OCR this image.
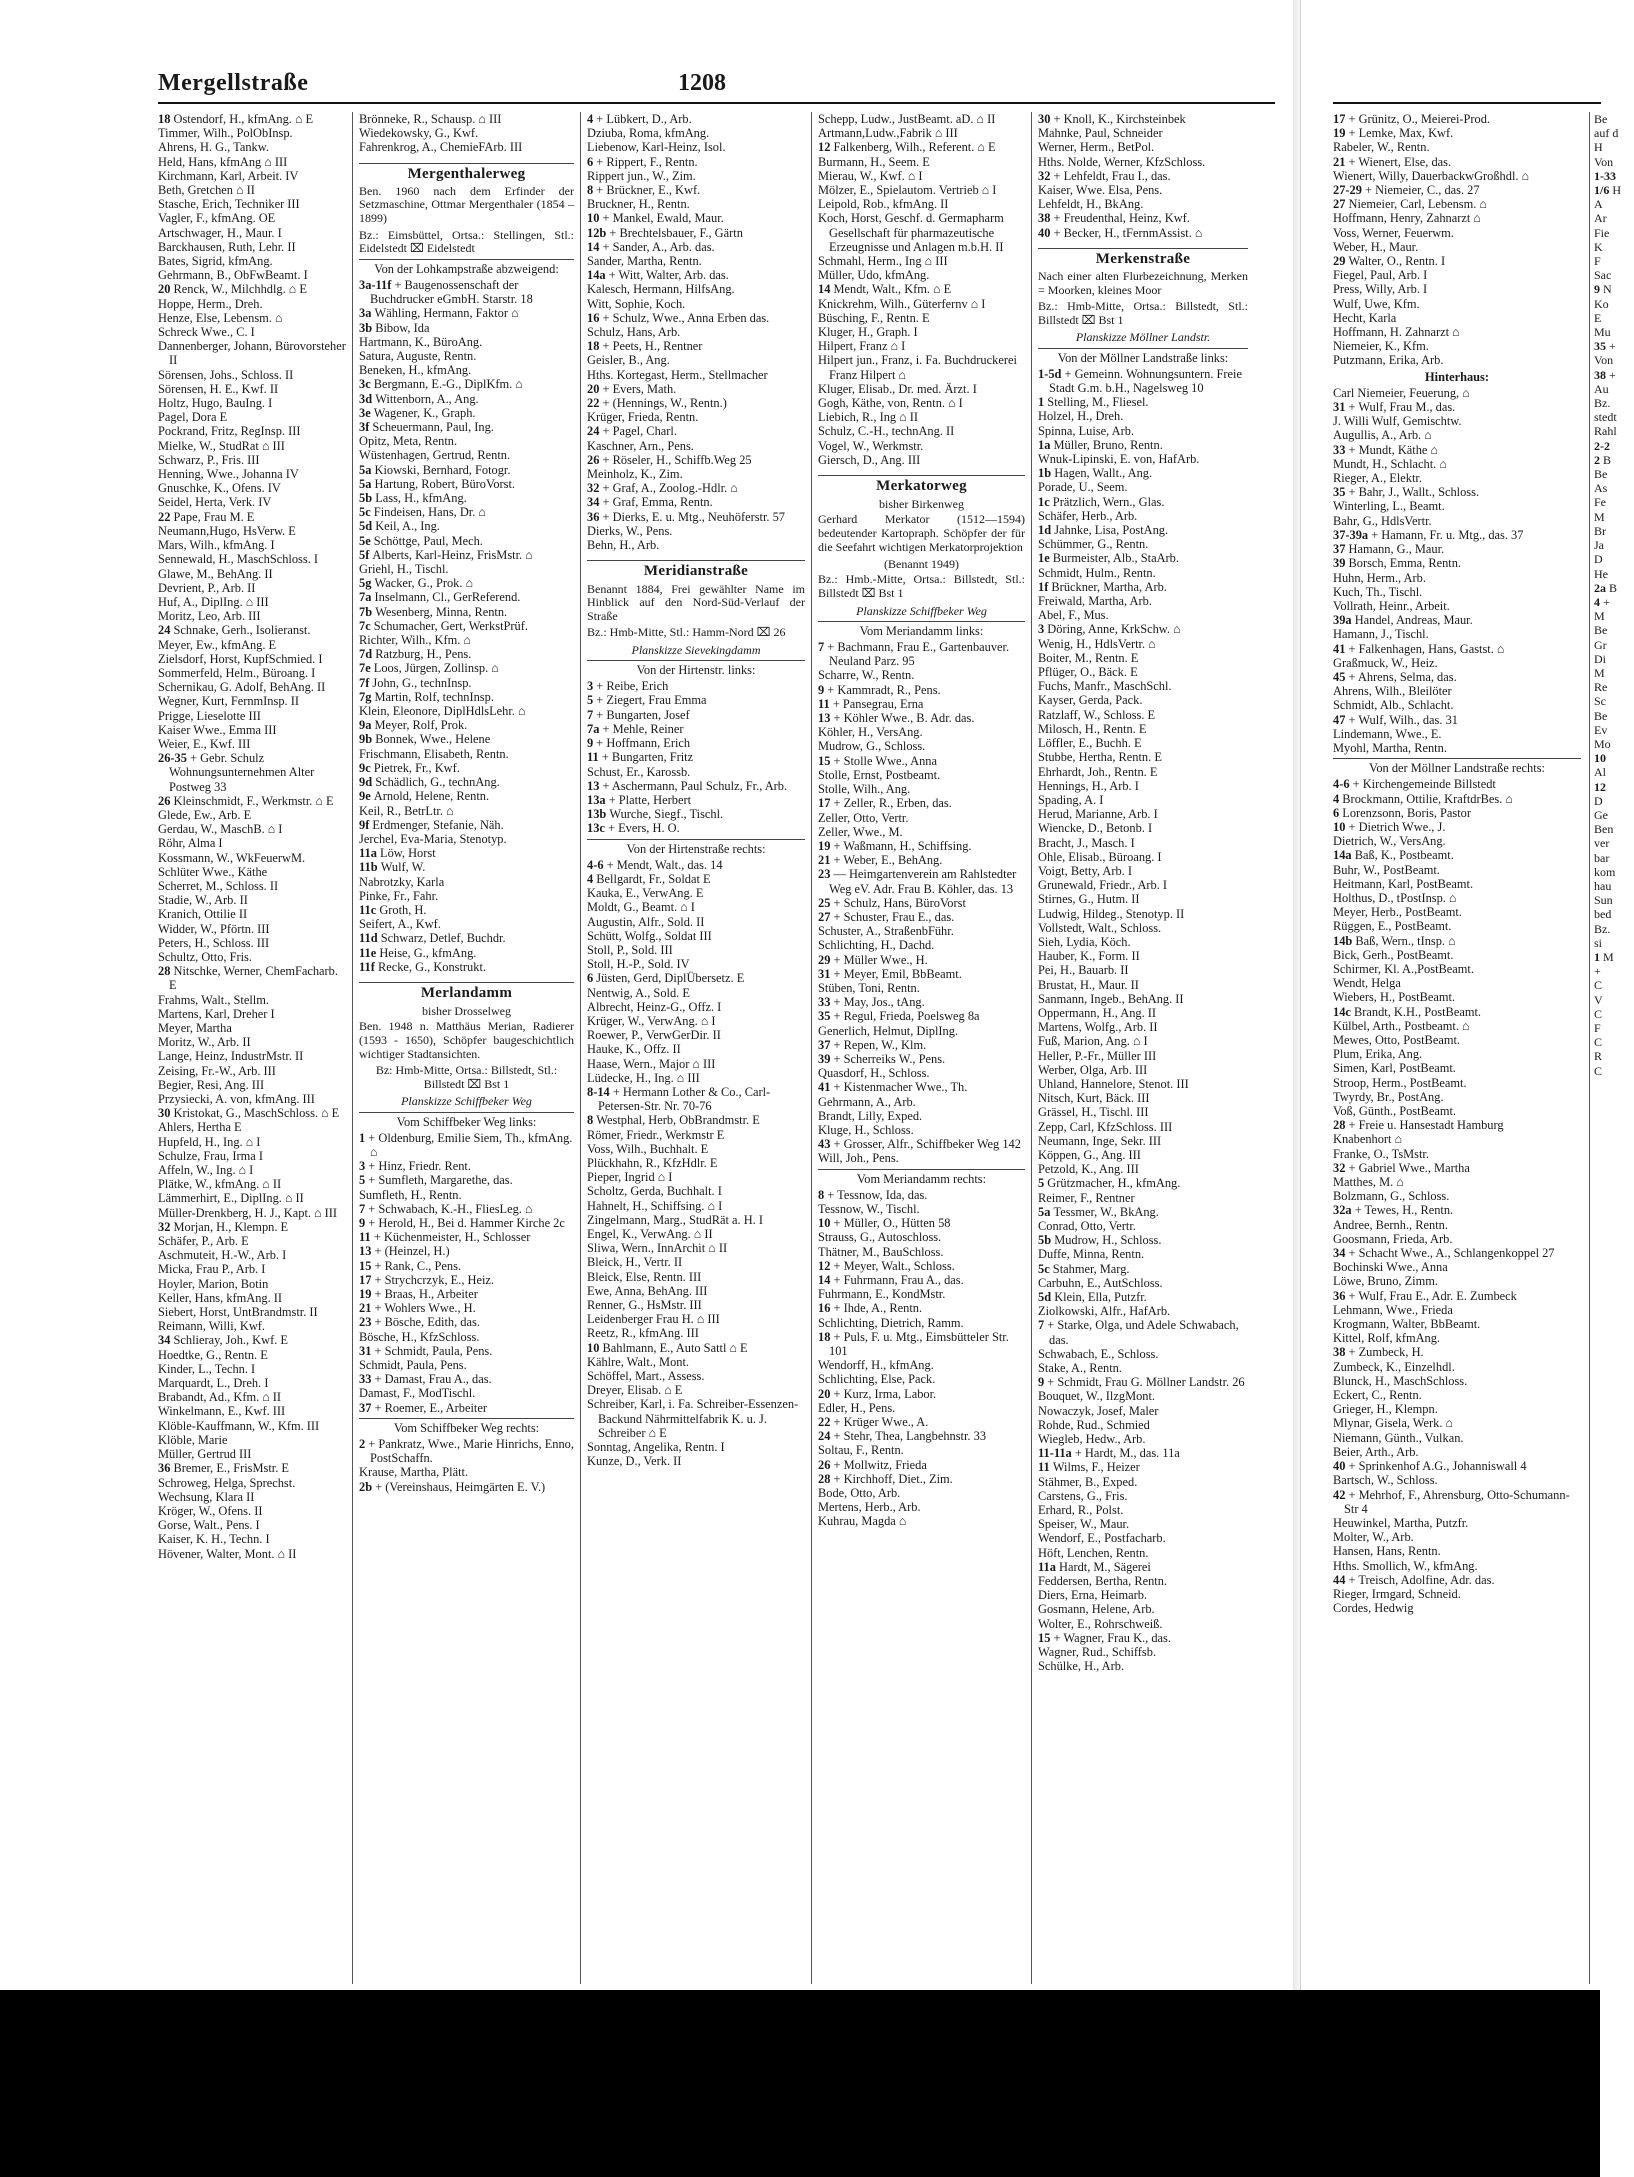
Mergellstraße	1208

18 Ostendorf, H., kfmAng. ⌂ E

Timmer, Wilh., PolObInsp.

Ahrens, H. G., Tankw.

Held, Hans, kfmAng ⌂ III

Kirchmann, Karl, Arbeit. IV

Beth, Gretchen ⌂ II

Stasche, Erich, Techniker III

Vagler, F., kfmAng. OE

Artschwager, H., Maur. I

Barckhausen, Ruth, Lehr. II

Bates, Sigrid, kfmAng.

Gehrmann, B., ObFwBeamt. I

20 Renck, W., Milchhdlg. ⌂ E

Hoppe, Herm., Dreh.

Henze, Else, Lebensm. ⌂

Schreck Wwe., C. I

Dannenberger, Johann, Bürovorsteher II

Sörensen, Johs., Schloss. II

Sörensen, H. E., Kwf. II

Holtz, Hugo, BauIng. I

Pagel, Dora E

Pockrand, Fritz, RegInsp. III

Mielke, W., StudRat ⌂ III

Schwarz, P., Fris. III

Henning, Wwe., Johanna IV

Gnuschke, K., Ofens. IV

Seidel, Herta, Verk. IV

22 Pape, Frau M. E

Neumann,Hugo, HsVerw. E

Mars, Wilh., kfmAng. I

Sennewald, H., MaschSchloss. I

Glawe, M., BehAng. II

Devrient, P., Arb. II

Huf, A., DiplIng. ⌂ III

Moritz, Leo, Arb. III

24 Schnake, Gerh., Isolieranst.

Meyer, Ew., kfmAng. E

Zielsdorf, Horst, KupfSchmied. I

Sommerfeld, Helm., Büroang. I

Schernikau, G. Adolf, BehAng. II

Wegner, Kurt, FernmInsp. II

Prigge, Lieselotte III

Kaiser Wwe., Emma III

Weier, E., Kwf. III

26-35 + Gebr. Schulz Wohnungsunternehmen Alter Postweg 33

26 Kleinschmidt, F., Werkmstr. ⌂ E

Glede, Ew., Arb. E

Gerdau, W., MaschB. ⌂ I

Röhr, Alma I

Kossmann, W., WkFeuerwM.

Schlüter Wwe., Käthe

Scherret, M., Schloss. II

Stadie, W., Arb. II

Kranich, Ottilie II

Widder, W., Pförtn. III

Peters, H., Schloss. III

Schultz, Otto, Fris.

28 Nitschke, Werner, ChemFacharb. E

Frahms, Walt., Stellm.

Martens, Karl, Dreher I

Meyer, Martha

Moritz, W., Arb. II

Lange, Heinz, IndustrMstr. II

Zeising, Fr.-W., Arb. III

Begier, Resi, Ang. III

Przysiecki, A. von, kfmAng. III

30 Kristokat, G., MaschSchloss. ⌂ E

Ahlers, Hertha E

Hupfeld, H., Ing. ⌂ I

Schulze, Frau, Irma I

Affeln, W., Ing. ⌂ I

Plätke, W., kfmAng. ⌂ II

Lämmerhirt, E., DiplIng. ⌂ II

Müller-Drenkberg, H. J., Kapt. ⌂ III

32 Morjan, H., Klempn. E

Schäfer, P., Arb. E

Aschmuteit, H.-W., Arb. I

Micka, Frau P., Arb. I

Hoyler, Marion, Botin

Keller, Hans, kfmAng. II

Siebert, Horst, UntBrandmstr. II

Reimann, Willi, Kwf.

34 Schlieray, Joh., Kwf. E

Hoedtke, G., Rentn. E

Kinder, L., Techn. I

Marquardt, L., Dreh. I

Brabandt, Ad., Kfm. ⌂ II

Winkelmann, E., Kwf. III

Klöble-Kauffmann, W., Kfm. III

Klöble, Marie

Müller, Gertrud III

36 Bremer, E., FrisMstr. E

Schroweg, Helga, Sprechst.

Wechsung, Klara II

Kröger, W., Ofens. II

Gorse, Walt., Pens. I

Kaiser, K. H., Techn. I

Hövener, Walter, Mont. ⌂ II

Brönneke, R., Schausp. ⌂ III

Wiedekowsky, G., Kwf.

Fahrenkrog, A., ChemieFArb. III

Mergenthalerweg

Ben. 1960 nach dem Erfinder der Setzmaschine, Ottmar Mergenthaler (1854 – 1899)

Bz.: Eimsbüttel, Ortsa.: Stellingen, Stl.: Eidelstedt ⌧ Eidelstedt

Von der Lohkampstraße abzweigend:

3a-11f + Baugenossenschaft der Buchdrucker eGmbH. Starstr. 18

3a Wähling, Hermann, Faktor ⌂

3b Bibow, Ida

Hartmann, K., BüroAng.

Satura, Auguste, Rentn.

Beneken, H., kfmAng.

3c Bergmann, E.-G., DiplKfm. ⌂

3d Wittenborn, A., Ang.

3e Wagener, K., Graph.

3f Scheuermann, Paul, Ing.

Opitz, Meta, Rentn.

Wüstenhagen, Gertrud, Rentn.

5a Kiowski, Bernhard, Fotogr.

5a Hartung, Robert, BüroVorst.

5b Lass, H., kfmAng.

5c Findeisen, Hans, Dr. ⌂

5d Keil, A., Ing.

5e Schöttge, Paul, Mech.

5f Alberts, Karl-Heinz, FrisMstr. ⌂

Griehl, H., Tischl.

5g Wacker, G., Prok. ⌂

7a Inselmann, Cl., GerReferend.

7b Wesenberg, Minna, Rentn.

7c Schumacher, Gert, WerkstPrüf.

Richter, Wilh., Kfm. ⌂

7d Ratzburg, H., Pens.

7e Loos, Jürgen, Zollinsp. ⌂

7f John, G., technInsp.

7g Martin, Rolf, technInsp.

Klein, Eleonore, DiplHdlsLehr. ⌂

9a Meyer, Rolf, Prok.

9b Bonnek, Wwe., Helene

Frischmann, Elisabeth, Rentn.

9c Pietrek, Fr., Kwf.

9d Schädlich, G., technAng.

9e Arnold, Helene, Rentn.

Keil, R., BetrLtr. ⌂

9f Erdmenger, Stefanie, Näh.

Jerchel, Eva-Maria, Stenotyp.

11a Löw, Horst

11b Wulf, W.

Nabrotzky, Karla

Pinke, Fr., Fahr.

11c Groth, H.

Seifert, A., Kwf.

11d Schwarz, Detlef, Buchdr.

11e Heise, G., kfmAng.

11f Recke, G., Konstrukt.

Merlandamm
bisher Drosselweg

Ben. 1948 n. Matthäus Merian, Radierer (1593 - 1650), Schöpfer baugeschichtlich wichtiger Stadtansichten.

Bz: Hmb-Mitte, Ortsa.: Billstedt, Stl.: Billstedt ⌧ Bst 1

Planskizze Schiffbeker Weg
Vom Schiffbeker Weg links:

1 + Oldenburg, Emilie Siem, Th., kfmAng. ⌂

3 + Hinz, Friedr. Rent.

5 + Sumfleth, Margarethe, das.

Sumfleth, H., Rentn.

7 + Schwabach, K.-H., FliesLeg. ⌂

9 + Herold, H., Bei d. Hammer Kirche 2c

11 + Küchenmeister, H., Schlosser

13 + (Heinzel, H.)

15 + Rank, C., Pens.

17 + Strychcrzyk, E., Heiz.

19 + Braas, H., Arbeiter

21 + Wohlers Wwe., H.

23 + Bösche, Edith, das.

Bösche, H., KfzSchloss.

31 + Schmidt, Paula, Pens.

Schmidt, Paula, Pens.

33 + Damast, Frau A., das.

Damast, F., ModTischl.

37 + Roemer, E., Arbeiter

Vom Schiffbeker Weg rechts:

2 + Pankratz, Wwe., Marie Hinrichs, Enno, PostSchaffn.

Krause, Martha, Plätt.

2b + (Vereinshaus, Heimgärten E. V.)

4 + Lübkert, D., Arb.

Dziuba, Roma, kfmAng.

Liebenow, Karl-Heinz, Isol.

6 + Rippert, F., Rentn.

Rippert jun., W., Zim.

8 + Brückner, E., Kwf.

Bruckner, H., Rentn.

10 + Mankel, Ewald, Maur.

12b + Brechtelsbauer, F., Gärtn

14 + Sander, A., Arb. das.

Sander, Martha, Rentn.

14a + Witt, Walter, Arb. das.

Kalesch, Hermann, HilfsAng.

Witt, Sophie, Koch.

16 + Schulz, Wwe., Anna Erben das.

Schulz, Hans, Arb.

18 + Peets, H., Rentner

Geisler, B., Ang.

Hths. Kortegast, Herm., Stellmacher

20 + Evers, Math.

22 + (Hennings, W., Rentn.)

Krüger, Frieda, Rentn.

24 + Pagel, Charl.

Kaschner, Arn., Pens.

26 + Röseler, H., Schiffb.Weg 25

Meinholz, K., Zim.

32 + Graf, A., Zoolog.-Hdlr. ⌂

34 + Graf, Emma, Rentn.

36 + Dierks, E. u. Mtg., Neuhöferstr. 57

Dierks, W., Pens.

Behn, H., Arb.

Meridianstraße

Benannt 1884, Frei gewählter Name im Hinblick auf den Nord-Süd-Verlauf der Straße

Bz.: Hmb-Mitte, Stl.: Hamm-Nord ⌧ 26

Planskizze Sievekingdamm
Von der Hirtenstr. links:

3 + Reibe, Erich

5 + Ziegert, Frau Emma

7 + Bungarten, Josef

7a + Mehle, Reiner

9 + Hoffmann, Erich

11 + Bungarten, Fritz

Schust, Er., Karossb.

13 + Aschermann, Paul Schulz, Fr., Arb.

13a + Platte, Herbert

13b Wurche, Siegf., Tischl.

13c + Evers, H. O.

Von der Hirtenstraße rechts:

4-6 + Mendt, Walt., das. 14

4 Bellgardt, Fr., Soldat E

Kauka, E., VerwAng. E

Moldt, G., Beamt. ⌂ I

Augustin, Alfr., Sold. II

Schütt, Wolfg., Soldat III

Stoll, P., Sold. III

Stoll, H.-P., Sold. IV

6 Jüsten, Gerd, DiplÜbersetz. E

Nentwig, A., Sold. E

Albrecht, Heinz-G., Offz. I

Krüger, W., VerwAng. ⌂ I

Roewer, P., VerwGerDir. II

Hauke, K., Offz. II

Haase, Wern., Major ⌂ III

Lüdecke, H., Ing. ⌂ III

8-14 + Hermann Lother & Co., Carl-Petersen-Str. Nr. 70-76

8 Westphal, Herb, ObBrandmstr. E

Römer, Friedr., Werkmstr E

Voss, Wilh., Buchhalt. E

Plückhahn, R., KfzHdlr. E

Pieper, Ingrid ⌂ I

Scholtz, Gerda, Buchhalt. I

Hahnelt, H., Schiffsing. ⌂ I

Zingelmann, Marg., StudRät a. H. I

Engel, K., VerwAng. ⌂ II

Sliwa, Wern., InnArchit ⌂ II

Bleick, H., Vertr. II

Bleick, Else, Rentn. III

Ewe, Anna, BehAng. III

Renner, G., HsMstr. III

Leidenberger Frau H. ⌂ III

Reetz, R., kfmAng. III

10 Bahlmann, E., Auto Sattl ⌂ E

Kählre, Walt., Mont.

Schöffel, Mart., Assess.

Dreyer, Elisab. ⌂ E

Schreiber, Karl, i. Fa. Schreiber-Essenzen-Backund Nährmittelfabrik K. u. J. Schreiber ⌂ E

Sonntag, Angelika, Rentn. I

Kunze, D., Verk. II

Schepp, Ludw., JustBeamt. aD. ⌂ II

Artmann,Ludw.,Fabrik ⌂ III

12 Falkenberg, Wilh., Referent. ⌂ E

Burmann, H., Seem. E

Mierau, W., Kwf. ⌂ I

Mölzer, E., Spielautom. Vertrieb ⌂ I

Leipold, Rob., kfmAng. II

Koch, Horst, Geschf. d. Germapharm Gesellschaft für pharmazeutische Erzeugnisse und Anlagen m.b.H. II

Schmahl, Herm., Ing ⌂ III

Müller, Udo, kfmAng.

14 Mendt, Walt., Kfm. ⌂ E

Knickrehm, Wilh., Güterfernv ⌂ I

Büsching, F., Rentn. E

Kluger, H., Graph. I

Hilpert, Franz ⌂ I

Hilpert jun., Franz, i. Fa. Buchdruckerei Franz Hilpert ⌂

Kluger, Elisab., Dr. med. Ärzt. I

Gogh, Käthe, von, Rentn. ⌂ I

Liebich, R., Ing ⌂ II

Schulz, C.-H., technAng. II

Vogel, W., Werkmstr.

Giersch, D., Ang. III

Merkatorweg
bisher Birkenweg

Gerhard Merkator (1512—1594) bedeutender Kartopraph. Schöpfer der für die Seefahrt wichtigen Merkatorprojektion

(Benannt 1949)

Bz.: Hmb.-Mitte, Ortsa.: Billstedt, Stl.: Billstedt ⌧ Bst 1

Planskizze Schiffbeker Weg
Vom Meriandamm links:

7 + Bachmann, Frau E., Gartenbauver. Neuland Parz. 95

Scharre, W., Rentn.

9 + Kammradt, R., Pens.

11 + Pansegrau, Erna

13 + Köhler Wwe., B. Adr. das.

Köhler, H., VersAng.

Mudrow, G., Schloss.

15 + Stolle Wwe., Anna

Stolle, Ernst, Postbeamt.

Stolle, Wilh., Ang.

17 + Zeller, R., Erben, das.

Zeller, Otto, Vertr.

Zeller, Wwe., M.

19 + Waßmann, H., Schiffsing.

21 + Weber, E., BehAng.

23 — Heimgartenverein am Rahlstedter Weg eV. Adr. Frau B. Köhler, das. 13

25 + Schulz, Hans, BüroVorst

27 + Schuster, Frau E., das.

Schuster, A., StraßenbFühr.

Schlichting, H., Dachd.

29 + Müller Wwe., H.

31 + Meyer, Emil, BbBeamt.

Stüben, Toni, Rentn.

33 + May, Jos., tAng.

35 + Regul, Frieda, Poelsweg 8a

Generlich, Helmut, DiplIng.

37 + Repen, W., Klm.

39 + Scherreiks W., Pens.

Quasdorf, H., Schloss.

41 + Kistenmacher Wwe., Th.

Gehrmann, A., Arb.

Brandt, Lilly, Exped.

Kluge, H., Schloss.

43 + Grosser, Alfr., Schiffbeker Weg 142

Will, Joh., Pens.

Vom Meriandamm rechts:

8 + Tessnow, Ida, das.

Tessnow, W., Tischl.

10 + Müller, O., Hütten 58

Strauss, G., Autoschloss.

Thätner, M., BauSchloss.

12 + Meyer, Walt., Schloss.

14 + Fuhrmann, Frau A., das.

Fuhrmann, E., KondMstr.

16 + Ihde, A., Rentn.

Schlichting, Dietrich, Ramm.

18 + Puls, F. u. Mtg., Eimsbütteler Str. 101

Wendorff, H., kfmAng.

Schlichting, Else, Pack.

20 + Kurz, Irma, Labor.

Edler, H., Pens.

22 + Krüger Wwe., A.

24 + Stehr, Thea, Langbehnstr. 33

Soltau, F., Rentn.

26 + Mollwitz, Frieda

28 + Kirchhoff, Diet., Zim.

Bode, Otto, Arb.

Mertens, Herb., Arb.

Kuhrau, Magda ⌂

30 + Knoll, K., Kirchsteinbek

Mahnke, Paul, Schneider

Werner, Herm., BetPol.

Hths. Nolde, Werner, KfzSchloss.

32 + Lehfeldt, Frau I., das.

Kaiser, Wwe. Elsa, Pens.

Lehfeldt, H., BkAng.

38 + Freudenthal, Heinz, Kwf.

40 + Becker, H., tFernmAssist. ⌂

Merkenstraße

Nach einer alten Flurbezeichnung, Merken = Moorken, kleines Moor

Bz.: Hmb-Mitte, Ortsa.: Billstedt, Stl.: Billstedt ⌧ Bst 1

Planskizze Möllner Landstr.
Von der Möllner Landstraße links:

1-5d + Gemeinn. Wohnungsuntern. Freie Stadt G.m. b.H., Nagelsweg 10

1 Stelling, M., Fliesel.

Holzel, H., Dreh.

Spinna, Luise, Arb.

1a Müller, Bruno, Rentn.

Wnuk-Lipinski, E. von, HafArb.

1b Hagen, Wallt., Ang.

Porade, U., Seem.

1c Prätzlich, Wern., Glas.

Schäfer, Herb., Arb.

1d Jahnke, Lisa, PostAng.

Schümmer, G., Rentn.

1e Burmeister, Alb., StaArb.

Schmidt, Hulm., Rentn.

1f Brückner, Martha, Arb.

Freiwald, Martha, Arb.

Abel, F., Mus.

3 Döring, Anne, KrkSchw. ⌂

Wenig, H., HdlsVertr. ⌂

Boiter, M., Rentn. E

Pflüger, O., Bäck. E

Fuchs, Manfr., MaschSchl.

Kayser, Gerda, Pack.

Ratzlaff, W., Schloss. E

Milosch, H., Rentn. E

Löffler, E., Buchh. E

Stubbe, Hertha, Rentn. E

Ehrhardt, Joh., Rentn. E

Hennings, H., Arb. I

Spading, A. I

Herud, Marianne, Arb. I

Wiencke, D., Betonb. I

Bracht, J., Masch. I

Ohle, Elisab., Büroang. I

Voigt, Betty, Arb. I

Grunewald, Friedr., Arb. I

Stirnes, G., Hutm. II

Ludwig, Hildeg., Stenotyp. II

Vollstedt, Walt., Schloss.

Sieh, Lydia, Köch.

Hauber, K., Form. II

Pei, H., Bauarb. II

Brustat, H., Maur. II

Sanmann, Ingeb., BehAng. II

Oppermann, H., Ang. II

Martens, Wolfg., Arb. II

Fuß, Marion, Ang. ⌂ I

Heller, P.-Fr., Müller III

Werber, Olga, Arb. III

Uhland, Hannelore, Stenot. III

Nitsch, Kurt, Bäck. III

Grässel, H., Tischl. III

Zepp, Carl, KfzSchloss. III

Neumann, Inge, Sekr. III

Köppen, G., Ang. III

Petzold, K., Ang. III

5 Grützmacher, H., kfmAng.

Reimer, F., Rentner

5a Tessmer, W., BkAng.

Conrad, Otto, Vertr.

5b Mudrow, H., Schloss.

Duffe, Minna, Rentn.

5c Stahmer, Marg.

Carbuhn, E., AutSchloss.

5d Klein, Ella, Putzfr.

Ziolkowski, Alfr., HafArb.

7 + Starke, Olga, und Adele Schwabach, das.

Schwabach, E., Schloss.

Stake, A., Rentn.

9 + Schmidt, Frau G. Möllner Landstr. 26

Bouquet, W., IlzgMont.

Nowaczyk, Josef, Maler

Rohde, Rud., Schmied

Wiegleb, Hedw., Arb.

11-11a + Hardt, M., das. 11a

11 Wilms, F., Heizer

Stähmer, B., Exped.

Carstens, G., Fris.

Erhard, R., Polst.

Speiser, W., Maur.

Wendorf, E., Postfacharb.

Höft, Lenchen, Rentn.

11a Hardt, M., Sägerei

Feddersen, Bertha, Rentn.

Diers, Erna, Heimarb.

Gosmann, Helene, Arb.

Wolter, E., Rohrschweiß.

15 + Wagner, Frau K., das.

Wagner, Rud., Schiffsb.

Schülke, H., Arb.

17 + Grünitz, O., Meierei-Prod.

19 + Lemke, Max, Kwf.

Rabeler, W., Rentn.

21 + Wienert, Else, das.

Wienert, Willy, DauerbackwGroßhdl. ⌂

27-29 + Niemeier, C., das. 27

27 Niemeier, Carl, Lebensm. ⌂

Hoffmann, Henry, Zahnarzt ⌂

Voss, Werner, Feuerwm.

Weber, H., Maur.

29 Walter, O., Rentn. I

Fiegel, Paul, Arb. I

Press, Willy, Arb. I

Wulf, Uwe, Kfm.

Hecht, Karla

Hoffmann, H. Zahnarzt ⌂

Niemeier, K., Kfm.

Putzmann, Erika, Arb.

Hinterhaus:

Carl Niemeier, Feuerung, ⌂

31 + Wulf, Frau M., das.

J. Willi Wulf, Gemischtw.

Augullis, A., Arb. ⌂

33 + Mundt, Käthe ⌂

Mundt, H., Schlacht. ⌂

Rieger, A., Elektr.

35 + Bahr, J., Wallt., Schloss.

Winterling, L., Beamt.

Bahr, G., HdlsVertr.

37-39a + Hamann, Fr. u. Mtg., das. 37

37 Hamann, G., Maur.

39 Borsch, Emma, Rentn.

Huhn, Herm., Arb.

Kuch, Th., Tischl.

Vollrath, Heinr., Arbeit.

39a Handel, Andreas, Maur.

Hamann, J., Tischl.

41 + Falkenhagen, Hans, Gastst. ⌂

Graßmuck, W., Heiz.

45 + Ahrens, Selma, das.

Ahrens, Wilh., Bleilöter

Schmidt, Alb., Schlacht.

47 + Wulf, Wilh., das. 31

Lindemann, Wwe., E.

Myohl, Martha, Rentn.

Von der Möllner Landstraße rechts:

4-6 + Kirchengemeinde Billstedt

4 Brockmann, Ottilie, KraftdrBes. ⌂

6 Lorenzsonn, Boris, Pastor

10 + Dietrich Wwe., J.

Dietrich, W., VersAng.

14a Baß, K., Postbeamt.

Buhr, W., PostBeamt.

Heitmann, Karl, PostBeamt.

Holthus, D., tPostInsp. ⌂

Meyer, Herb., PostBeamt.

Rüggen, E., PostBeamt.

14b Baß, Wern., tInsp. ⌂

Bick, Gerh., PostBeamt.

Schirmer, Kl. A.,PostBeamt.

Wendt, Helga

Wiebers, H., PostBeamt.

14c Brandt, K.H., PostBeamt.

Külbel, Arth., Postbeamt. ⌂

Mewes, Otto, PostBeamt.

Plum, Erika, Ang.

Simen, Karl, PostBeamt.

Stroop, Herm., PostBeamt.

Twyrdy, Br., PostAng.

Voß, Günth., PostBeamt.

28 + Freie u. Hansestadt Hamburg

Knabenhort ⌂

Franke, O., TsMstr.

32 + Gabriel Wwe., Martha

Matthes, M. ⌂

Bolzmann, G., Schloss.

32a + Tewes, H., Rentn.

Andree, Bernh., Rentn.

Goosmann, Frieda, Arb.

34 + Schacht Wwe., A., Schlangenkoppel 27

Bochinski Wwe., Anna

Löwe, Bruno, Zimm.

36 + Wulf, Frau E., Adr. E. Zumbeck

Lehmann, Wwe., Frieda

Krogmann, Walter, BbBeamt.

Kittel, Rolf, kfmAng.

38 + Zumbeck, H.

Zumbeck, K., Einzelhdl.

Blunck, H., MaschSchloss.

Eckert, C., Rentn.

Grieger, H., Klempn.

Mlynar, Gisela, Werk. ⌂

Niemann, Günth., Vulkan.

Beier, Arth., Arb.

40 + Sprinkenhof A.G., Johanniswall 4

Bartsch, W., Schloss.

42 + Mehrhof, F., Ahrensburg, Otto-Schumann-Str 4

Heuwinkel, Martha, Putzfr.

Molter, W., Arb.

Hansen, Hans, Rentn.

Hths. Smollich, W., kfmAng.

44 + Treisch, Adolfine, Adr. das.

Rieger, Irmgard, Schneid.

Cordes, Hedwig

Be

auf d

H

Von

1-33

1/6 H

A

Ar

Fie

K

F

Sac

9 N

Ko

E

Mu

35 +

Von

38 +

Au

Bz.

stedt

Rahl

2-2

2 B

Be

As

Fe

M

Br

Ja

D

He

2a B

4 +

M

Be

Gr

Di

M

Re

Sc

Be

Ev

Mo

10

Al

12

D

Ge

Ben

ver

bar

kom

hau

Sun

bed

Bz.

si

1 M

+

C

V

C

F

C

R

C
